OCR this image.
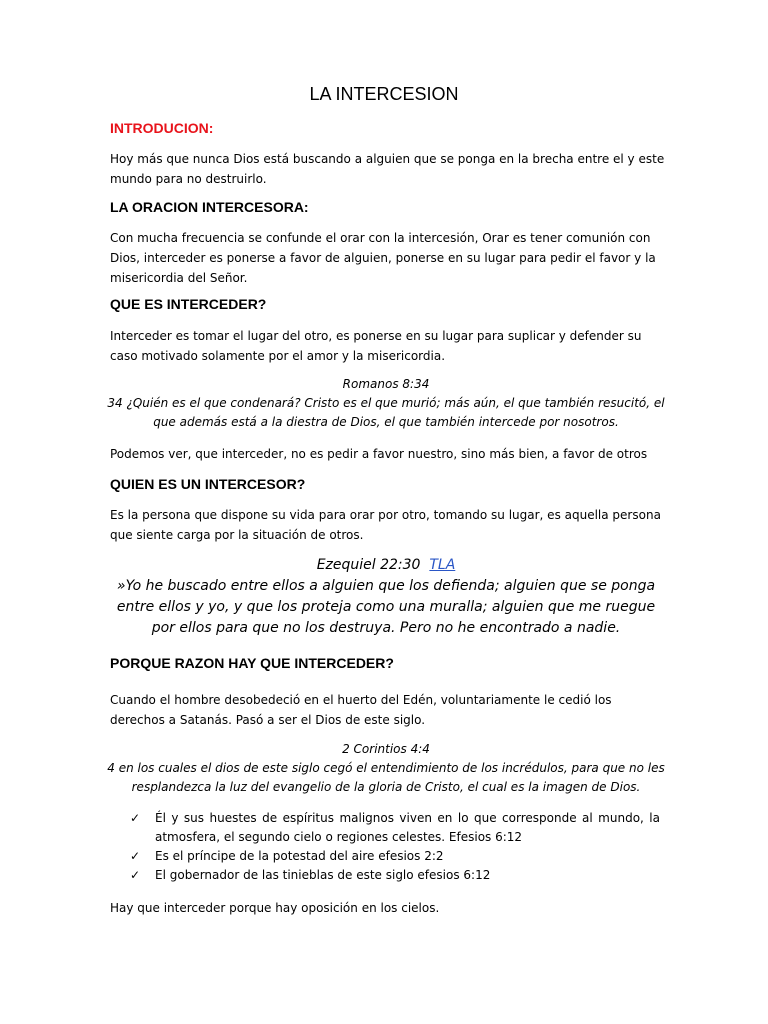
LA INTERCESION
INTRODUCION:
Hoy más que nunca Dios está buscando a alguien que se ponga en la brecha entre el y este mundo para no destruirlo.
LA ORACION INTERCESORA:
Con mucha frecuencia se confunde el orar con la intercesión, Orar es tener comunión con Dios, interceder es ponerse a favor de alguien, ponerse en su lugar para pedir el favor y la misericordia del Señor.
QUE ES INTERCEDER?
Interceder es tomar el lugar del otro, es ponerse en su lugar para suplicar y defender su caso motivado solamente por el amor y la misericordia.
Romanos 8:34
34 ¿Quién es el que condenará? Cristo es el que murió; más aún, el que también resucitó, el que además está a la diestra de Dios, el que también intercede por nosotros.
Podemos ver, que interceder, no es pedir a favor nuestro, sino más bien, a favor de otros
QUIEN ES UN INTERCESOR?
Es la persona que dispone su vida para orar por otro, tomando su lugar, es aquella persona que siente carga por la situación de otros.
Ezequiel 22:30 TLA
»Yo he buscado entre ellos a alguien que los defienda; alguien que se ponga entre ellos y yo, y que los proteja como una muralla; alguien que me ruegue por ellos para que no los destruya. Pero no he encontrado a nadie.
PORQUE RAZON HAY QUE INTERCEDER?
Cuando el hombre desobedeció en el huerto del Edén, voluntariamente le cedió los derechos a Satanás. Pasó a ser el Dios de este siglo.
2 Corintios 4:4
4 en los cuales el dios de este siglo cegó el entendimiento de los incrédulos, para que no les resplandezca la luz del evangelio de la gloria de Cristo, el cual es la imagen de Dios.
✓ Él y sus huestes de espíritus malignos viven en lo que corresponde al mundo, la atmosfera, el segundo cielo o regiones celestes. Efesios 6:12
✓ Es el príncipe de la potestad del aire efesios 2:2
✓ El gobernador de las tinieblas de este siglo efesios 6:12
Hay que interceder porque hay oposición en los cielos.
